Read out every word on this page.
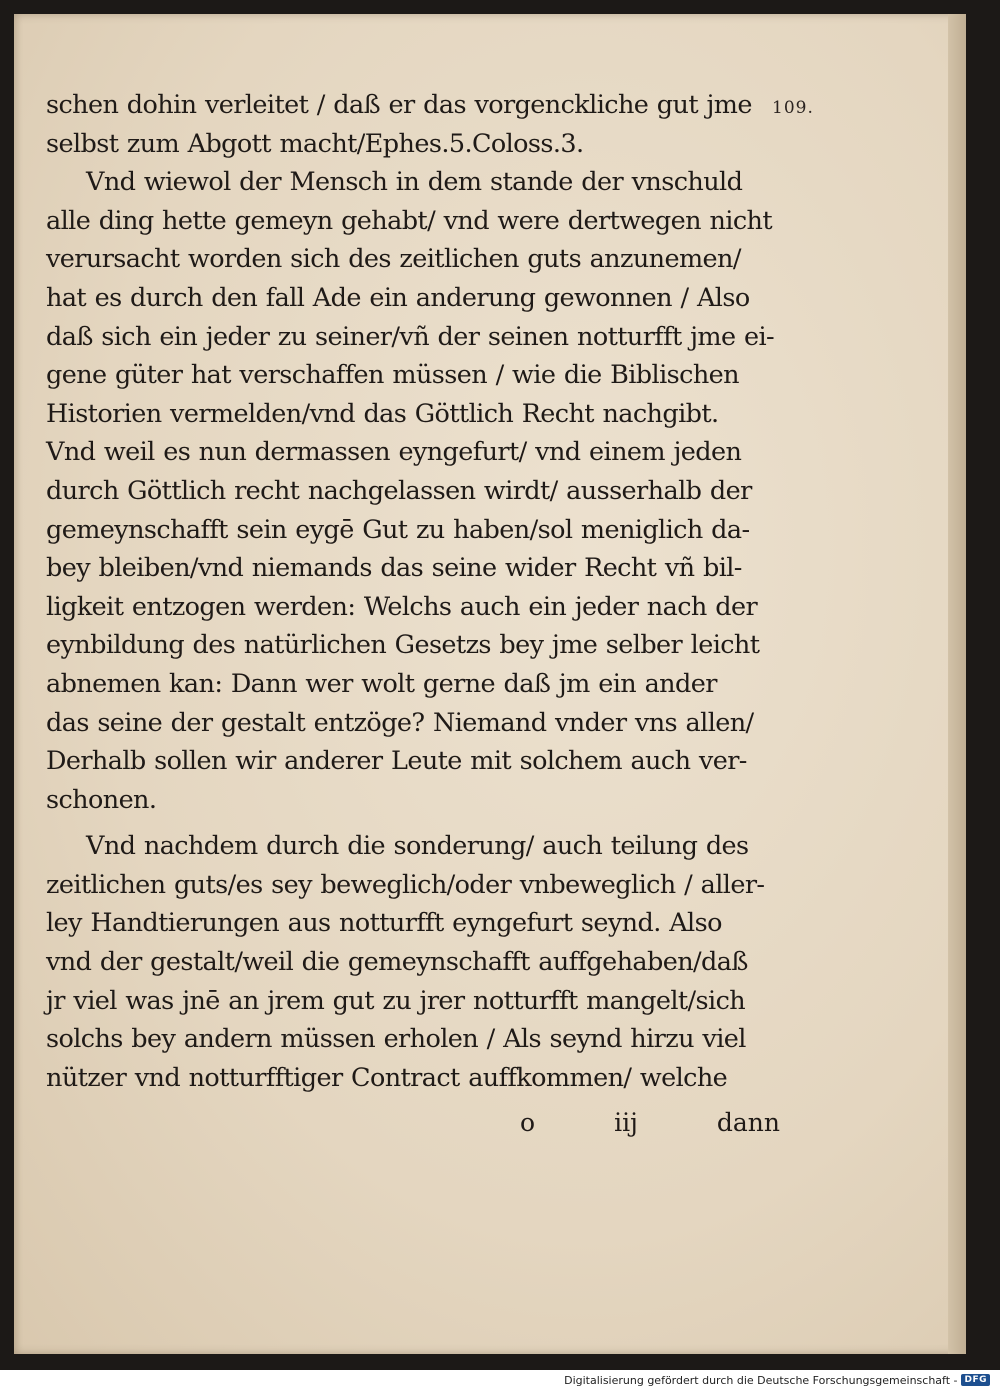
109.
schen dohin verleitet / daß er das vorgenckliche gut jme
selbst zum Abgott macht/Ephes.5.Coloss.3.
Vnd wiewol der Mensch in dem stande der vnschuld
alle ding hette gemeyn gehabt/ vnd were dertwegen nicht
verursacht worden sich des zeitlichen guts anzunemen/
hat es durch den fall Ade ein anderung gewonnen / Also
daß sich ein jeder zu seiner/vñ der seinen notturfft jme ei-
gene güter hat verschaffen müssen / wie die Biblischen
Historien vermelden/vnd das Göttlich Recht nachgibt.
Vnd weil es nun dermassen eyngefurt/ vnd einem jeden
durch Göttlich recht nachgelassen wirdt/ ausserhalb der
gemeynschafft sein eygē Gut zu haben/sol meniglich da-
bey bleiben/vnd niemands das seine wider Recht vñ bil-
ligkeit entzogen werden: Welchs auch ein jeder nach der
eynbildung des natürlichen Gesetzs bey jme selber leicht
abnemen kan: Dann wer wolt gerne daß jm ein ander
das seine der gestalt entzöge? Niemand vnder vns allen/
Derhalb sollen wir anderer Leute mit solchem auch ver-
schonen.
Vnd nachdem durch die sonderung/ auch teilung des
zeitlichen guts/es sey beweglich/oder vnbeweglich / aller-
ley Handtierungen aus notturfft eyngefurt seynd. Also
vnd der gestalt/weil die gemeynschafft auffgehaben/daß
jr viel was jnē an jrem gut zu jrer notturfft mangelt/sich
solchs bey andern müssen erholen / Als seynd hirzu viel
nützer vnd notturfftiger Contract auffkommen/ welche
o	iij	dann
Digitalisierung gefördert durch die Deutsche Forschungsgemeinschaft - DFG
